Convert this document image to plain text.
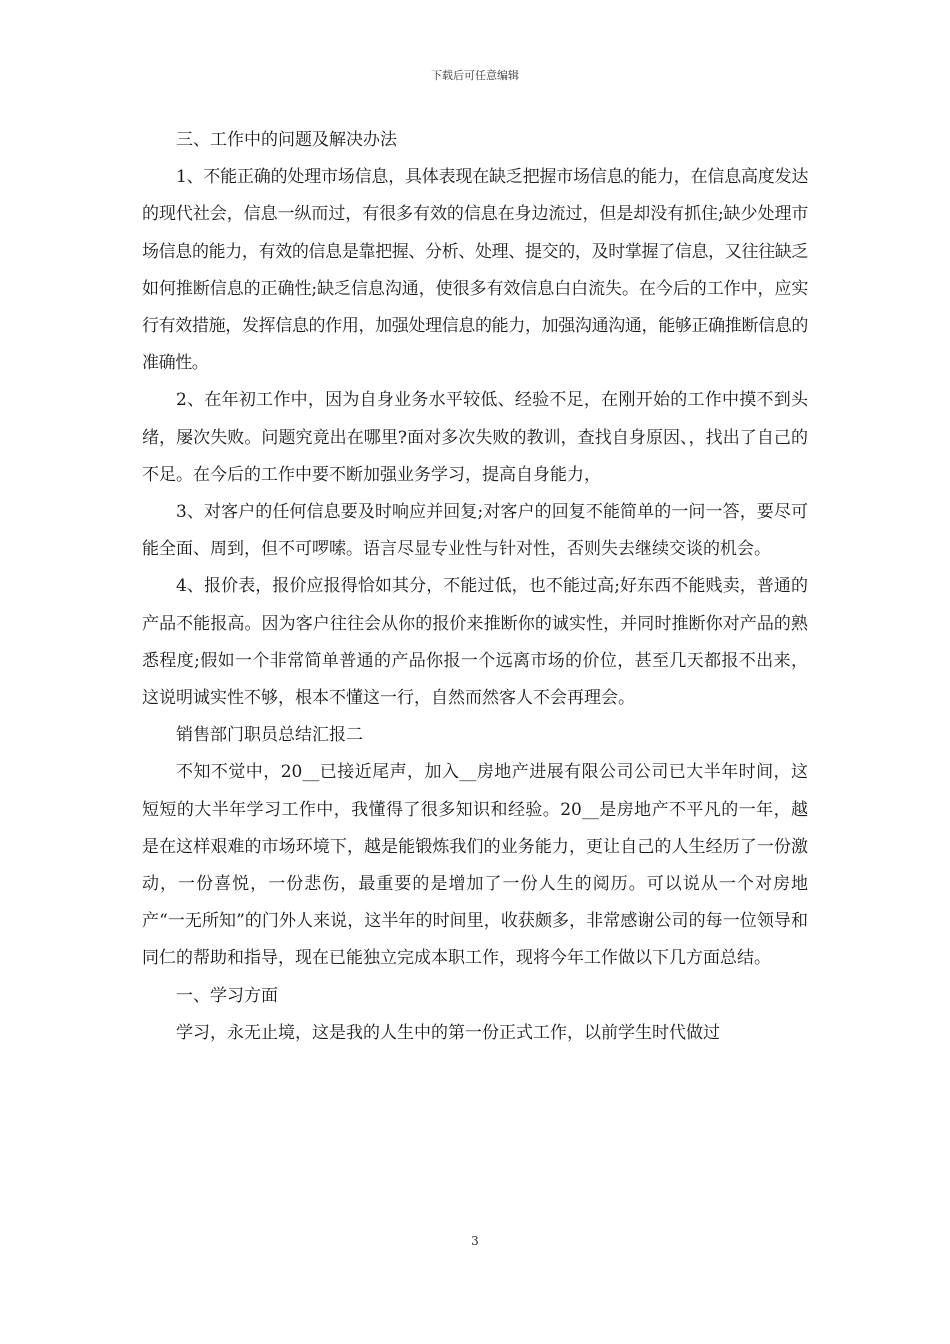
下载后可任意编辑

三、工作中的问题及解决办法

1、不能正确的处理市场信息，具体表现在缺乏把握市场信息的能力，在信息高度发达的现代社会，信息一纵而过，有很多有效的信息在身边流过，但是却没有抓住;缺少处理市场信息的能力，有效的信息是靠把握、分析、处理、提交的，及时掌握了信息，又往往缺乏如何推断信息的正确性;缺乏信息沟通，使很多有效信息白白流失。在今后的工作中，应实行有效措施，发挥信息的作用，加强处理信息的能力，加强沟通沟通，能够正确推断信息的准确性。

2、在年初工作中，因为自身业务水平较低、经验不足，在刚开始的工作中摸不到头绪，屡次失败。问题究竟出在哪里?面对多次失败的教训，查找自身原因、，找出了自己的不足。在今后的工作中要不断加强业务学习，提高自身能力，

3、对客户的任何信息要及时响应并回复;对客户的回复不能简单的一问一答，要尽可能全面、周到，但不可啰嗦。语言尽显专业性与针对性，否则失去继续交谈的机会。

4、报价表，报价应报得恰如其分，不能过低，也不能过高;好东西不能贱卖，普通的产品不能报高。因为客户往往会从你的报价来推断你的诚实性，并同时推断你对产品的熟悉程度;假如一个非常简单普通的产品你报一个远离市场的价位，甚至几天都报不出来，这说明诚实性不够，根本不懂这一行，自然而然客人不会再理会。

销售部门职员总结汇报二

不知不觉中，20__已接近尾声，加入__房地产进展有限公司公司已大半年时间，这短短的大半年学习工作中，我懂得了很多知识和经验。20__是房地产不平凡的一年，越是在这样艰难的市场环境下，越是能锻炼我们的业务能力，更让自己的人生经历了一份激动，一份喜悦，一份悲伤，最重要的是增加了一份人生的阅历。可以说从一个对房地产“一无所知”的门外人来说，这半年的时间里，收获颇多，非常感谢公司的每一位领导和同仁的帮助和指导，现在已能独立完成本职工作，现将今年工作做以下几方面总结。

一、学习方面

学习，永无止境，这是我的人生中的第一份正式工作，以前学生时代做过

3
